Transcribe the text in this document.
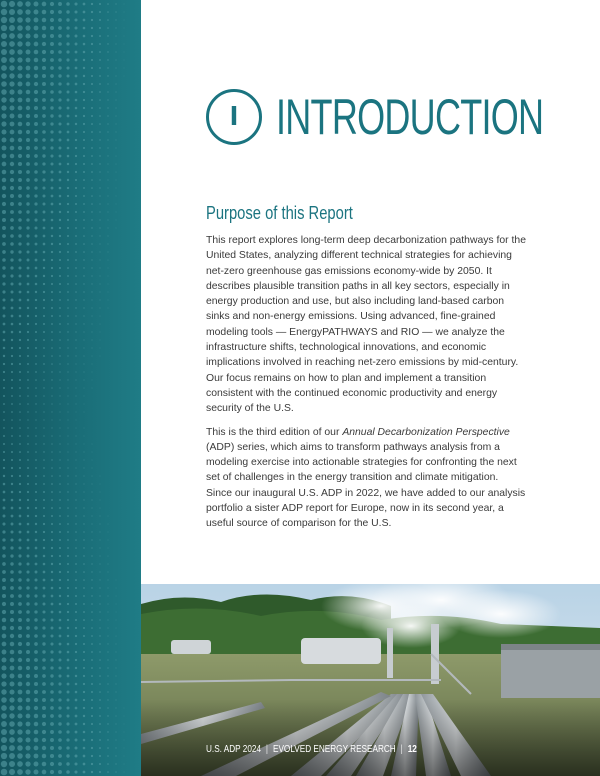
I INTRODUCTION
Purpose of this Report

This report explores long-term deep decarbonization pathways for the United States, analyzing different technical strategies for achieving net-zero greenhouse gas emissions economy-wide by 2050. It describes plausible transition paths in all key sectors, especially in energy production and use, but also including land-based carbon sinks and non-energy emissions. Using advanced, fine-grained modeling tools — EnergyPATHWAYS and RIO — we analyze the infrastructure shifts, technological innovations, and economic implications involved in reaching net-zero emissions by mid-century. Our focus remains on how to plan and implement a transition consistent with the continued economic productivity and energy security of the U.S.

This is the third edition of our Annual Decarbonization Perspective (ADP) series, which aims to transform pathways analysis from a modeling exercise into actionable strategies for confronting the next set of challenges in the energy transition and climate mitigation. Since our inaugural U.S. ADP in 2022, we have added to our analysis portfolio a sister ADP report for Europe, now in its second year, a useful source of comparison for the U.S.

U.S. ADP 2024 | EVOLVED ENERGY RESEARCH | 12
